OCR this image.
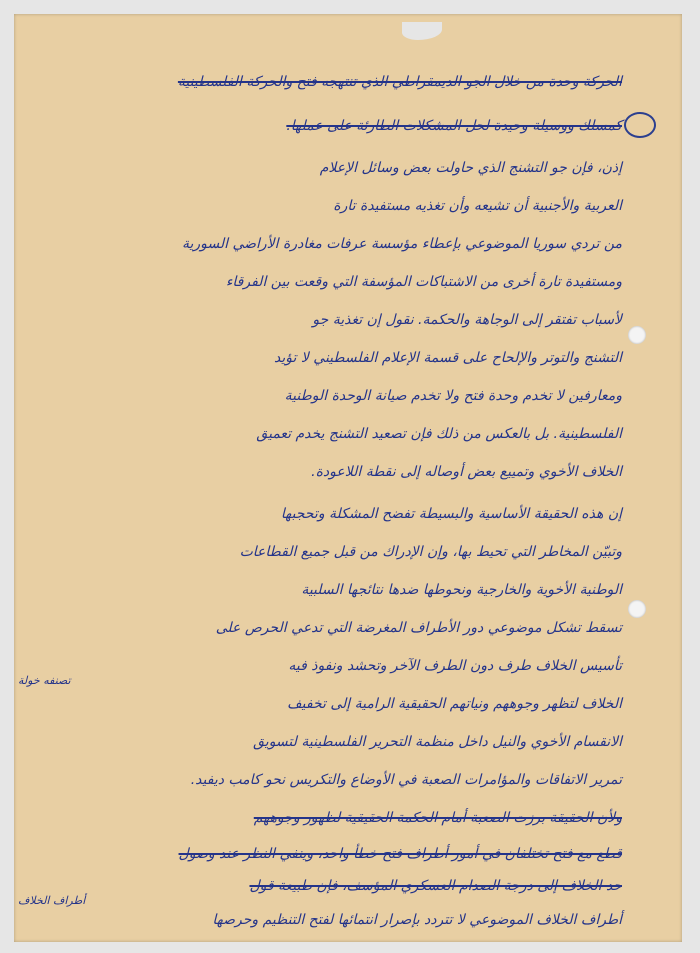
الحركة وحدة من خلال الجو الديمقراطي الذي تنتهجه فتح والحركة الفلسطينية
كمسلك ووسيلة وحيدة لحل المشكلات الطارئة على عملها.
إذن، فإن جو التشنج الذي حاولت بعض وسائل الإعلام
العربية والأجنبية أن تشيعه وأن تغذيه مستفيدة تارة
من تردي سوريا الموضوعي بإعطاء مؤسسة عرفات مغادرة الأراضي السورية
ومستفيدة تارة أخرى من الاشتباكات المؤسفة التي وقعت بين الفرقاء
لأسباب تفتقر إلى الوجاهة والحكمة. نقول إن تغذية جو
التشنج والتوتر والإلحاح على قسمة الإعلام الفلسطيني لا تؤيد
ومعارفين لا تخدم وحدة فتح ولا تخدم صيانة الوحدة الوطنية
الفلسطينية. بل بالعكس من ذلك فإن تصعيد التشنج يخدم تعميق
الخلاف الأخوي وتمييع بعض أوصاله إلى نقطة اللاعودة.
إن هذه الحقيقة الأساسية والبسيطة تفضح المشكلة وتحجبها
وتبيّن المخاطر التي تحيط بها، وإن الإدراك من قبل جميع القطاعات
الوطنية الأخوية والخارجية ونحوطها ضدها نتائجها السلبية
تسقط تشكل موضوعي دور الأطراف المغرضة التي تدعي الحرص على
تأسيس الخلاف طرف دون الطرف الآخر وتحشد ونفوذ فيه
الخلاف لتظهر وجوههم ونياتهم الحقيقية الرامية إلى تخفيف
الانقسام الأخوي والنيل داخل منظمة التحرير الفلسطينية لتسويق
تمرير الاتفاقات والمؤامرات الصعبة في الأوضاع والتكريس نحو كامب ديفيد.
ولأن الحقيقة برزت الصعبة أمام الحكمة الحقيقية لظهور وجوههم
قطع مع فتح تختلفان في أمور أطراف فتح خطأ واحد، وينفي النظر عند وصول
حد الخلاف إلى درجة الصدام العسكري المؤسف، فإن طبيعة قول
أطراف الخلاف الموضوعي لا تتردد بإصرار انتمائها لفتح التنظيم وحرصها
تصنفه خولة
أطراف الخلاف
